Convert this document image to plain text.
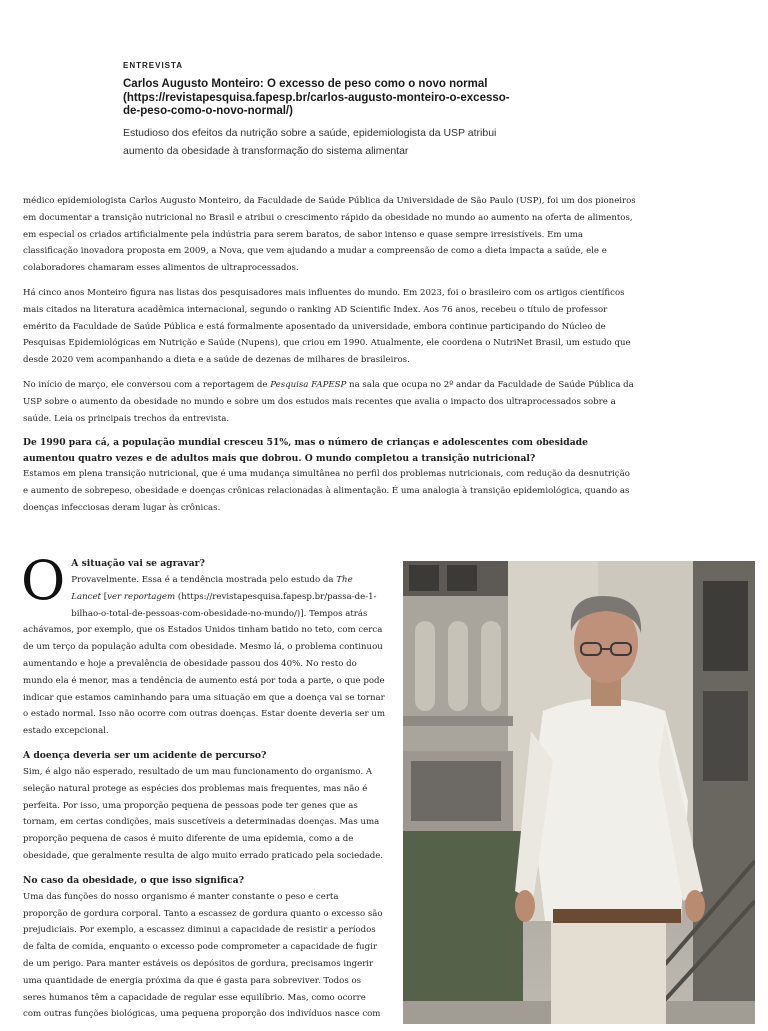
ENTREVISTA
Carlos Augusto Monteiro: O excesso de peso como o novo normal (https://revistapesquisa.fapesp.br/carlos-augusto-monteiro-o-excesso-de-peso-como-o-novo-normal/)
Estudioso dos efeitos da nutrição sobre a saúde, epidemiologista da USP atribui aumento da obesidade à transformação do sistema alimentar

médico epidemiologista Carlos Augusto Monteiro, da Faculdade de Saúde Pública da Universidade de São Paulo (USP), foi um dos pioneiros em documentar a transição nutricional no Brasil e atribui o crescimento rápido da obesidade no mundo ao aumento na oferta de alimentos, em especial os criados artificialmente pela indústria para serem baratos, de sabor intenso e quase sempre irresistíveis. Em uma classificação inovadora proposta em 2009, a Nova, que vem ajudando a mudar a compreensão de como a dieta impacta a saúde, ele e colaboradores chamaram esses alimentos de ultraprocessados.

Há cinco anos Monteiro figura nas listas dos pesquisadores mais influentes do mundo. Em 2023, foi o brasileiro com os artigos científicos mais citados na literatura acadêmica internacional, segundo o ranking AD Scientific Index. Aos 76 anos, recebeu o título de professor emérito da Faculdade de Saúde Pública e está formalmente aposentado da universidade, embora continue participando do Núcleo de Pesquisas Epidemiológicas em Nutrição e Saúde (Nupens), que criou em 1990. Atualmente, ele coordena o NutriNet Brasil, um estudo que desde 2020 vem acompanhando a dieta e a saúde de dezenas de milhares de brasileiros.

No início de março, ele conversou com a reportagem de Pesquisa FAPESP na sala que ocupa no 2º andar da Faculdade de Saúde Pública da USP sobre o aumento da obesidade no mundo e sobre um dos estudos mais recentes que avalia o impacto dos ultraprocessados sobre a saúde. Leia os principais trechos da entrevista.

De 1990 para cá, a população mundial cresceu 51%, mas o número de crianças e adolescentes com obesidade aumentou quatro vezes e de adultos mais que dobrou. O mundo completou a transição nutricional?

Estamos em plena transição nutricional, que é uma mudança simultânea no perfil dos problemas nutricionais, com redução da desnutrição e aumento de sobrepeso, obesidade e doenças crônicas relacionadas à alimentação. É uma analogia à transição epidemiológica, quando as doenças infecciosas deram lugar às crônicas.

O A situação vai se agravar?

Provavelmente. Essa é a tendência mostrada pelo estudo da The Lancet [ver reportagem (https://revistapesquisa.fapesp.br/passa-de-1-bilhao-o-total-de-pessoas-com-obesidade-no-mundo/)]. Tempos atrás achávamos, por exemplo, que os Estados Unidos tinham batido no teto, com cerca de um terço da população adulta com obesidade. Mesmo lá, o problema continuou aumentando e hoje a prevalência de obesidade passou dos 40%. No resto do mundo ela é menor, mas a tendência de aumento está por toda a parte, o que pode indicar que estamos caminhando para uma situação em que a doença vai se tornar o estado normal. Isso não ocorre com outras doenças. Estar doente deveria ser um estado excepcional.

A doença deveria ser um acidente de percurso?

Sim, é algo não esperado, resultado de um mau funcionamento do organismo. A seleção natural protege as espécies dos problemas mais frequentes, mas não é perfeita. Por isso, uma proporção pequena de pessoas pode ter genes que as tornam, em certas condições, mais suscetíveis a determinadas doenças. Mas uma proporção pequena de casos é muito diferente de uma epidemia, como a de obesidade, que geralmente resulta de algo muito errado praticado pela sociedade.

No caso da obesidade, o que isso significa?

Uma das funções do nosso organismo é manter constante o peso e certa proporção de gordura corporal. Tanto a escassez de gordura quanto o excesso são prejudiciais. Por exemplo, a escassez diminui a capacidade de resistir a períodos de falta de comida, enquanto o excesso pode comprometer a capacidade de fugir de um perigo. Para manter estáveis os depósitos de gordura, precisamos ingerir uma quantidade de energia próxima da que é gasta para sobreviver. Todos os seres humanos têm a capacidade de regular esse equilíbrio. Mas, como ocorre com outras funções biológicas, uma pequena proporção dos indivíduos nasce com
